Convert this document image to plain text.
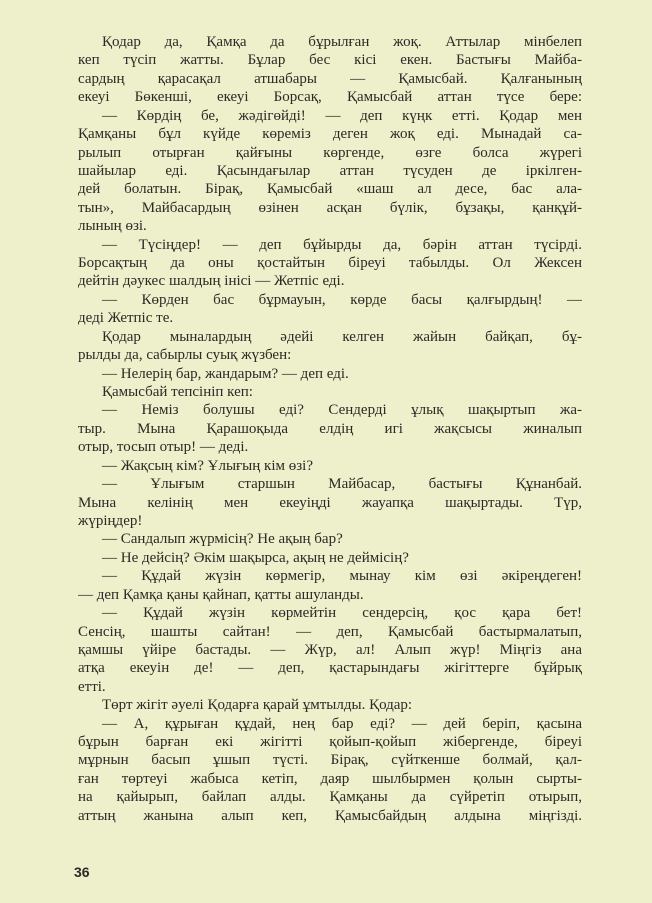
Қодар да, Қамқа да бұрылған жоқ. Аттылар мінбелеп
кеп түсіп жатты. Бұлар бес кісі екен. Бастығы Майба-
сардың қарасақал атшабары — Қамысбай. Қалғанының
екеуі Бөкенші, екеуі Борсақ, Қамысбай аттан түсе бере:
— Көрдің бе, жәдігөйді! — деп күңк етті. Қодар мен
Қамқаны бұл күйде көреміз деген жоқ еді. Мынадай са-
рылып отырған қайғыны көргенде, өзге болса жүрегі
шайылар еді. Қасындағылар аттан түсуден де іркілген-
дей болатын. Бірақ, Қамысбай «шаш ал десе, бас ала-
тын», Майбасардың өзінен асқан бүлік, бұзақы, қанқұй-
лының өзі.
— Түсіңдер! — деп бұйырды да, бәрін аттан түсірді.
Борсақтың да оны қостайтын біреуі табылды. Ол Жексен
дейтін дәукес шалдың інісі — Жетпіс еді.
— Көрден бас бұрмауын, көрде басы қалғырдың! —
деді Жетпіс те.
Қодар мыналардың әдейі келген жайын байқап, бұ-
рылды да, сабырлы суық жүзбен:
— Нелерің бар, жандарым? — деп еді.
Қамысбай тепсініп кеп:
— Неміз болушы еді? Сендерді ұлық шақыртып жа-
тыр. Мына Қарашоқыда елдің игі жақсысы жиналып
отыр, тосып отыр! — деді.
— Жақсың кім? Ұлығың кім өзі?
— Ұлығым старшын Майбасар, бастығы Құнанбай.
Мына келінің мен екеуіңді жауапқа шақыртады. Түр,
жүріңдер!
— Сандалып жүрмісің? Не ақың бар?
— Не дейсің? Әкім шақырса, ақың не деймісің?
— Құдай жүзін көрмегір, мынау кім өзі әкіреңдеген!
— деп Қамқа қаны қайнап, қатты ашуланды.
— Құдай жүзін көрмейтін сендерсің, қос қара бет!
Сенсің, шашты сайтан! — деп, Қамысбай бастырмалатып,
қамшы үйіре бастады. — Жүр, ал! Алып жүр! Міңгіз ана
атқа екеуін де! — деп, қастарындағы жігіттерге бұйрық
етті.
Төрт жігіт әуелі Қодарға қарай ұмтылды. Қодар:
— А, құрыған құдай, нең бар еді? — дей беріп, қасына
бұрын барған екі жігітті қойып-қойып жібергенде, біреуі
мұрнын басып ұшып түсті. Бірақ, сүйткенше болмай, қал-
ған төртеуі жабыса кетіп, даяр шылбырмен қолын сырты-
на қайырып, байлап алды. Қамқаны да сүйретіп отырып,
аттың жанына алып кеп, Қамысбайдың алдына міңгізді.
36
